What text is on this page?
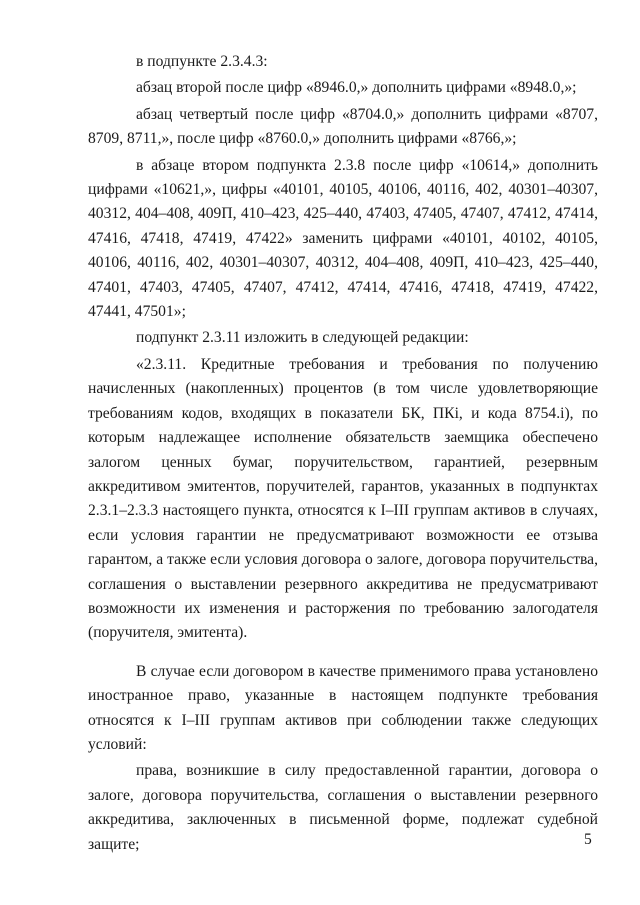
в подпункте 2.3.4.3:

абзац второй после цифр «8946.0,» дополнить цифрами «8948.0,»;

абзац четвертый после цифр «8704.0,» дополнить цифрами «8707, 8709, 8711,», после цифр «8760.0,» дополнить цифрами «8766,»;

в абзаце втором подпункта 2.3.8 после цифр «10614,» дополнить цифрами «10621,», цифры «40101, 40105, 40106, 40116, 402, 40301–40307, 40312, 404–408, 409П, 410–423, 425–440, 47403, 47405, 47407, 47412, 47414, 47416, 47418, 47419, 47422» заменить цифрами «40101, 40102, 40105, 40106, 40116, 402, 40301–40307, 40312, 404–408, 409П, 410–423, 425–440, 47401, 47403, 47405, 47407, 47412, 47414, 47416, 47418, 47419, 47422, 47441, 47501»;

подпункт 2.3.11 изложить в следующей редакции:

«2.3.11. Кредитные требования и требования по получению начисленных (накопленных) процентов (в том числе удовлетворяющие требованиям кодов, входящих в показатели БК, ПКi, и кода 8754.i), по которым надлежащее исполнение обязательств заемщика обеспечено залогом ценных бумаг, поручительством, гарантией, резервным аккредитивом эмитентов, поручителей, гарантов, указанных в подпунктах 2.3.1–2.3.3 настоящего пункта, относятся к I–III группам активов в случаях, если условия гарантии не предусматривают возможности ее отзыва гарантом, а также если условия договора о залоге, договора поручительства, соглашения о выставлении резервного аккредитива не предусматривают возможности их изменения и расторжения по требованию залогодателя (поручителя, эмитента).

В случае если договором в качестве применимого права установлено иностранное право, указанные в настоящем подпункте требования относятся к I–III группам активов при соблюдении также следующих условий:

права, возникшие в силу предоставленной гарантии, договора о залоге, договора поручительства, соглашения о выставлении резервного аккредитива, заключенных в письменной форме, подлежат судебной защите;	5
